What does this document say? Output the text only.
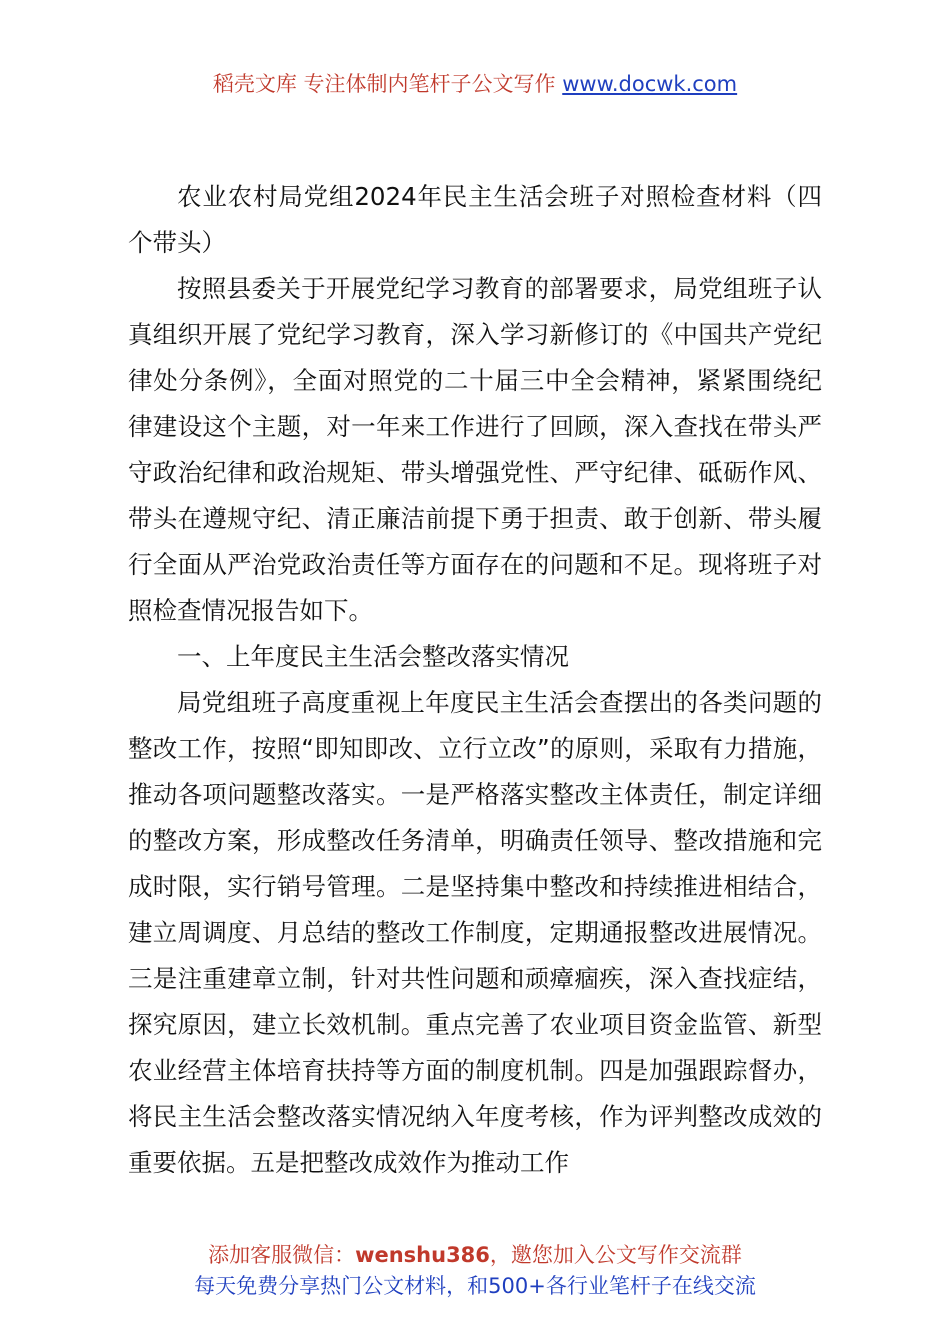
稻壳文库 专注体制内笔杆子公文写作 www.docwk.com

农业农村局党组2024年民主生活会班子对照检查材料（四个带头）

按照县委关于开展党纪学习教育的部署要求，局党组班子认真组织开展了党纪学习教育，深入学习新修订的《中国共产党纪律处分条例》，全面对照党的二十届三中全会精神，紧紧围绕纪律建设这个主题，对一年来工作进行了回顾，深入查找在带头严守政治纪律和政治规矩、带头增强党性、严守纪律、砥砺作风、带头在遵规守纪、清正廉洁前提下勇于担责、敢于创新、带头履行全面从严治党政治责任等方面存在的问题和不足。现将班子对照检查情况报告如下。

一、上年度民主生活会整改落实情况

局党组班子高度重视上年度民主生活会查摆出的各类问题的整改工作，按照“即知即改、立行立改”的原则，采取有力措施，推动各项问题整改落实。一是严格落实整改主体责任，制定详细的整改方案，形成整改任务清单，明确责任领导、整改措施和完成时限，实行销号管理。二是坚持集中整改和持续推进相结合，建立周调度、月总结的整改工作制度，定期通报整改进展情况。三是注重建章立制，针对共性问题和顽瘴痼疾，深入查找症结，探究原因，建立长效机制。重点完善了农业项目资金监管、新型农业经营主体培育扶持等方面的制度机制。四是加强跟踪督办，将民主生活会整改落实情况纳入年度考核，作为评判整改成效的重要依据。五是把整改成效作为推动工作

添加客服微信：wenshu386，邀您加入公文写作交流群
每天免费分享热门公文材料，和500+各行业笔杆子在线交流
